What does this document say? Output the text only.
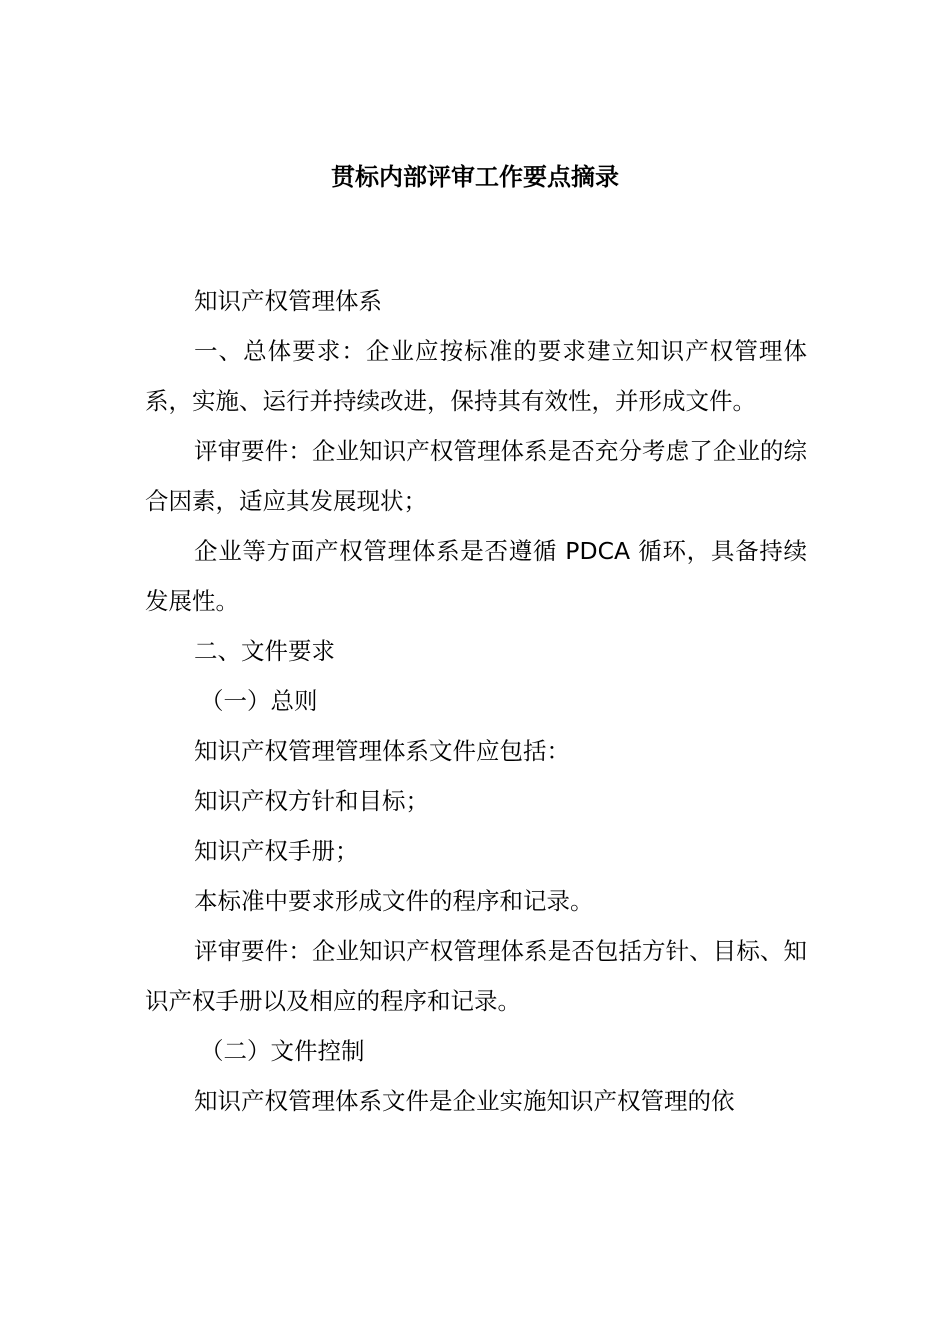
贯标内部评审工作要点摘录

知识产权管理体系

一、总体要求：企业应按标准的要求建立知识产权管理体系，实施、运行并持续改进，保持其有效性，并形成文件。

评审要件：企业知识产权管理体系是否充分考虑了企业的综合因素，适应其发展现状；

企业等方面产权管理体系是否遵循 PDCA 循环，具备持续发展性。

二、文件要求

（一）总则

知识产权管理管理体系文件应包括：

知识产权方针和目标；

知识产权手册；

本标准中要求形成文件的程序和记录。

评审要件：企业知识产权管理体系是否包括方针、目标、知识产权手册以及相应的程序和记录。

（二）文件控制

知识产权管理体系文件是企业实施知识产权管理的依
